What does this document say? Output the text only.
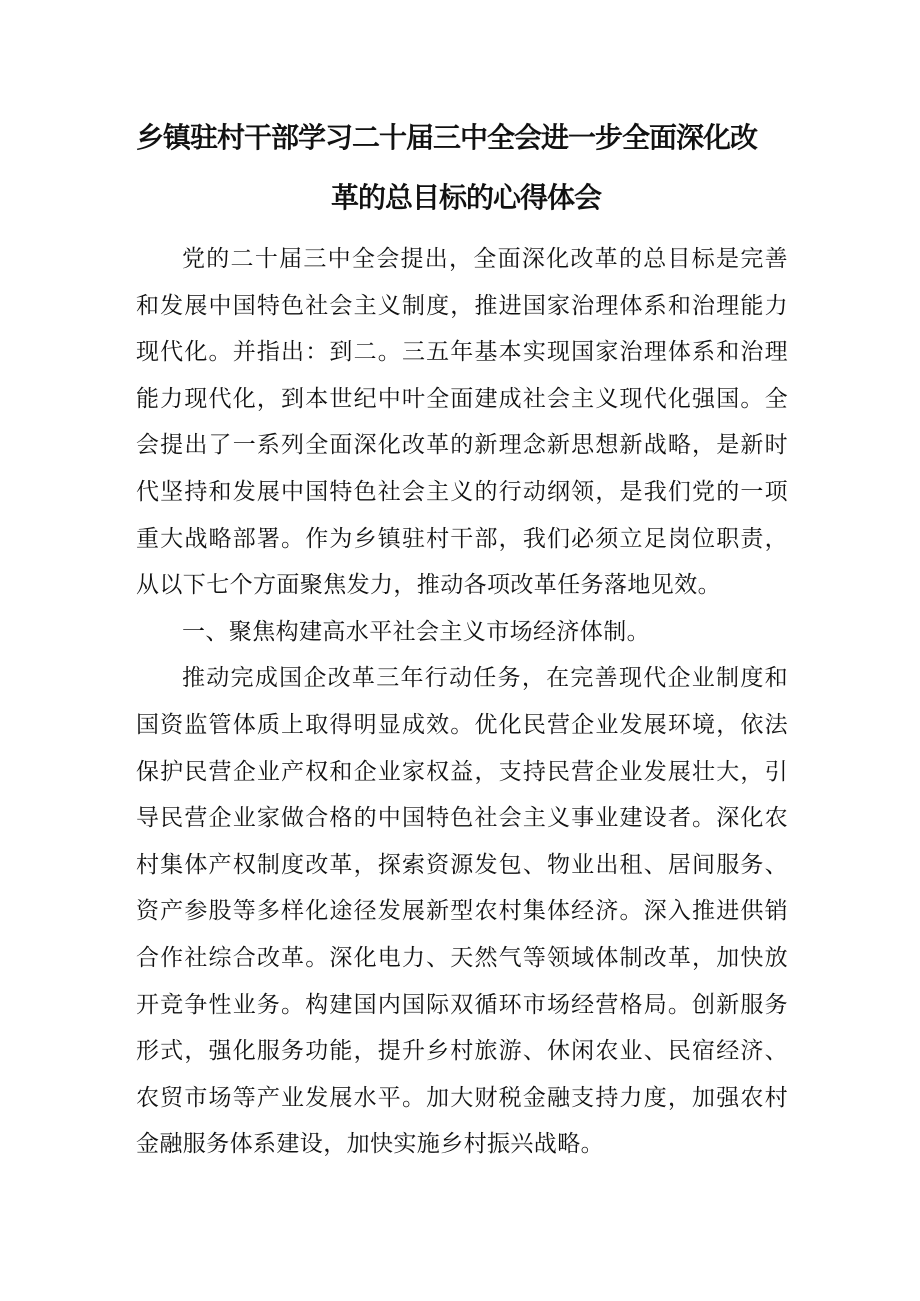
乡镇驻村干部学习二十届三中全会进一步全面深化改
革的总目标的心得体会

党的二十届三中全会提出，全面深化改革的总目标是完善和发展中国特色社会主义制度，推进国家治理体系和治理能力现代化。并指出：到二。三五年基本实现国家治理体系和治理能力现代化，到本世纪中叶全面建成社会主义现代化强国。全会提出了一系列全面深化改革的新理念新思想新战略，是新时代坚持和发展中国特色社会主义的行动纲领，是我们党的一项重大战略部署。作为乡镇驻村干部，我们必须立足岗位职责，从以下七个方面聚焦发力，推动各项改革任务落地见效。

一、聚焦构建高水平社会主义市场经济体制。

推动完成国企改革三年行动任务，在完善现代企业制度和国资监管体质上取得明显成效。优化民营企业发展环境，依法保护民营企业产权和企业家权益，支持民营企业发展壮大，引导民营企业家做合格的中国特色社会主义事业建设者。深化农村集体产权制度改革，探索资源发包、物业出租、居间服务、资产参股等多样化途径发展新型农村集体经济。深入推进供销合作社综合改革。深化电力、天然气等领域体制改革，加快放开竞争性业务。构建国内国际双循环市场经营格局。创新服务形式，强化服务功能，提升乡村旅游、休闲农业、民宿经济、农贸市场等产业发展水平。加大财税金融支持力度，加强农村金融服务体系建设，加快实施乡村振兴战略。
